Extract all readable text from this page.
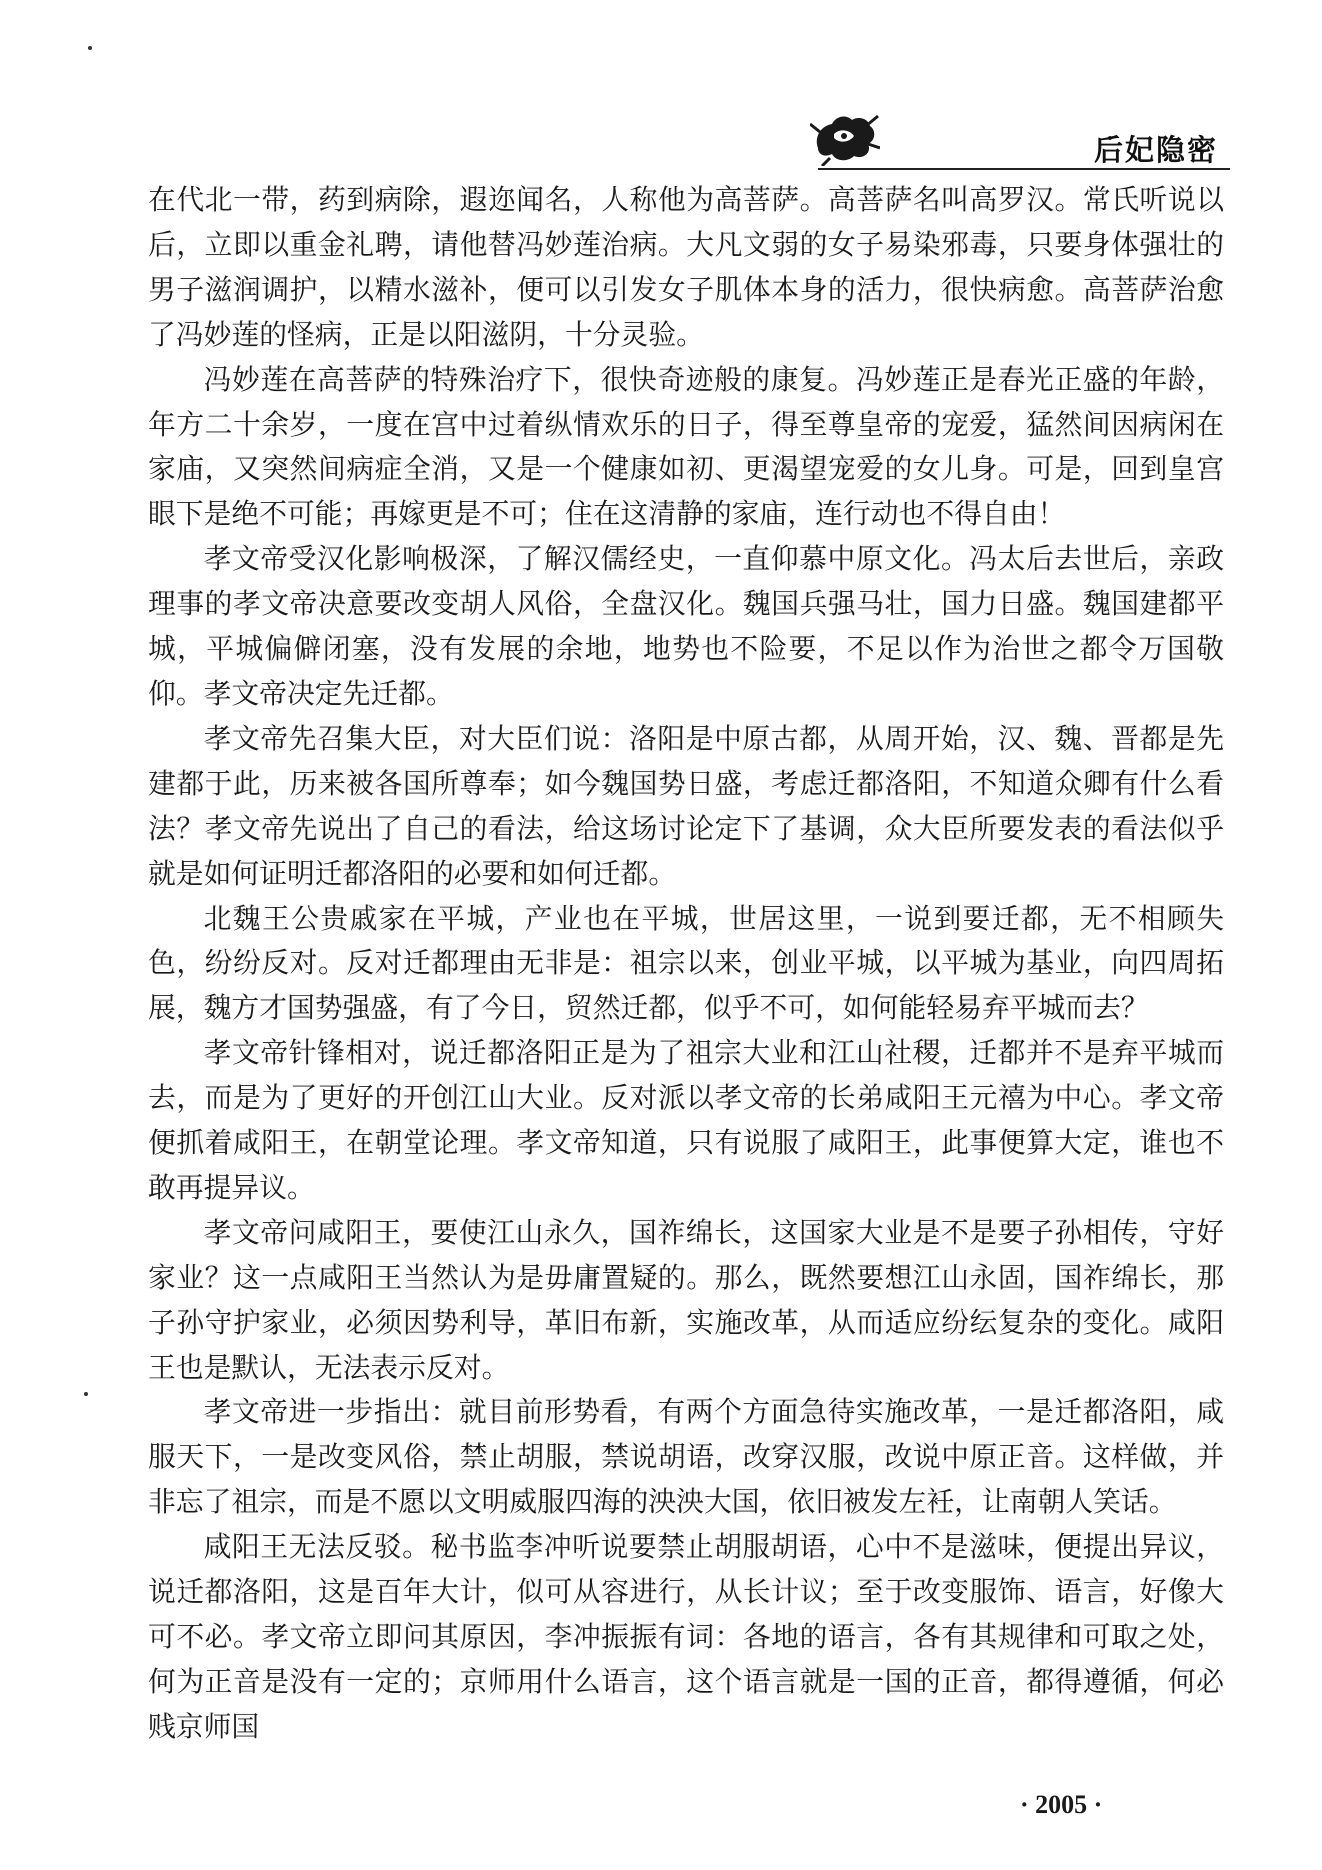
后妃隐密

在代北一带，药到病除，遐迩闻名，人称他为高菩萨。高菩萨名叫高罗汉。常氏听说以后，立即以重金礼聘，请他替冯妙莲治病。大凡文弱的女子易染邪毒，只要身体强壮的男子滋润调护，以精水滋补，便可以引发女子肌体本身的活力，很快病愈。高菩萨治愈了冯妙莲的怪病，正是以阳滋阴，十分灵验。

冯妙莲在高菩萨的特殊治疗下，很快奇迹般的康复。冯妙莲正是春光正盛的年龄，年方二十余岁，一度在宫中过着纵情欢乐的日子，得至尊皇帝的宠爱，猛然间因病闲在家庙，又突然间病症全消，又是一个健康如初、更渴望宠爱的女儿身。可是，回到皇宫眼下是绝不可能；再嫁更是不可；住在这清静的家庙，连行动也不得自由！

孝文帝受汉化影响极深，了解汉儒经史，一直仰慕中原文化。冯太后去世后，亲政理事的孝文帝决意要改变胡人风俗，全盘汉化。魏国兵强马壮，国力日盛。魏国建都平城，平城偏僻闭塞，没有发展的余地，地势也不险要，不足以作为治世之都令万国敬仰。孝文帝决定先迁都。

孝文帝先召集大臣，对大臣们说：洛阳是中原古都，从周开始，汉、魏、晋都是先建都于此，历来被各国所尊奉；如今魏国势日盛，考虑迁都洛阳，不知道众卿有什么看法？孝文帝先说出了自己的看法，给这场讨论定下了基调，众大臣所要发表的看法似乎就是如何证明迁都洛阳的必要和如何迁都。

北魏王公贵戚家在平城，产业也在平城，世居这里，一说到要迁都，无不相顾失色，纷纷反对。反对迁都理由无非是：祖宗以来，创业平城，以平城为基业，向四周拓展，魏方才国势强盛，有了今日，贸然迁都，似乎不可，如何能轻易弃平城而去？

孝文帝针锋相对，说迁都洛阳正是为了祖宗大业和江山社稷，迁都并不是弃平城而去，而是为了更好的开创江山大业。反对派以孝文帝的长弟咸阳王元禧为中心。孝文帝便抓着咸阳王，在朝堂论理。孝文帝知道，只有说服了咸阳王，此事便算大定，谁也不敢再提异议。

孝文帝问咸阳王，要使江山永久，国祚绵长，这国家大业是不是要子孙相传，守好家业？这一点咸阳王当然认为是毋庸置疑的。那么，既然要想江山永固，国祚绵长，那子孙守护家业，必须因势利导，革旧布新，实施改革，从而适应纷纭复杂的变化。咸阳王也是默认，无法表示反对。

孝文帝进一步指出：就目前形势看，有两个方面急待实施改革，一是迁都洛阳，咸服天下，一是改变风俗，禁止胡服，禁说胡语，改穿汉服，改说中原正音。这样做，并非忘了祖宗，而是不愿以文明威服四海的泱泱大国，依旧被发左衽，让南朝人笑话。

咸阳王无法反驳。秘书监李冲听说要禁止胡服胡语，心中不是滋味，便提出异议，说迁都洛阳，这是百年大计，似可从容进行，从长计议；至于改变服饰、语言，好像大可不必。孝文帝立即问其原因，李冲振振有词：各地的语言，各有其规律和可取之处，何为正音是没有一定的；京师用什么语言，这个语言就是一国的正音，都得遵循，何必贱京师国

· 2005 ·
